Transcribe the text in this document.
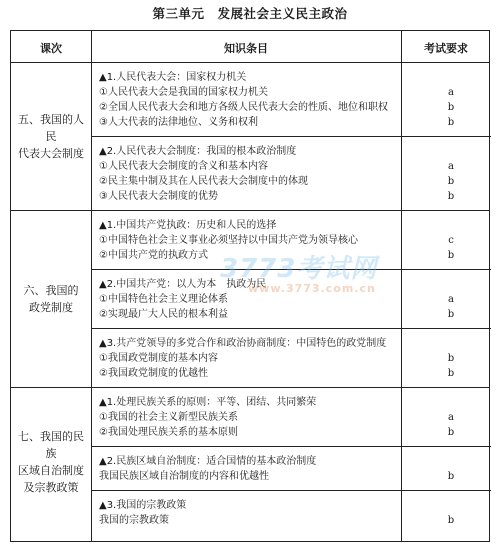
第三单元　发展社会主义民主政治
课次	知识条目	考试要求
五、我国的人民
代表大会制度
▲1.人民代表大会：国家权力机关
①人民代表大会是我国的国家权力机关	a
②全国人民代表大会和地方各级人民代表大会的性质、地位和职权	b
③人大代表的法律地位、义务和权利	b
▲2.人民代表大会制度：我国的根本政治制度
①人民代表大会制度的含义和基本内容	a
②民主集中制及其在人民代表大会制度中的体现	b
③人民代表大会制度的优势	b
六、我国的
政党制度
▲1.中国共产党执政：历史和人民的选择
①中国特色社会主义事业必须坚持以中国共产党为领导核心	c
②中国共产党的执政方式	b
▲2.中国共产党：以人为本　执政为民
①中国特色社会主义理论体系	a
②实现最广大人民的根本利益	b
▲3.共产党领导的多党合作和政治协商制度：中国特色的政党制度
①我国政党制度的基本内容	b
②我国政党制度的优越性	b
七、我国的民族
区域自治制度
及宗教政策
▲1.处理民族关系的原则：平等、团结、共同繁荣
①我国的社会主义新型民族关系	a
②我国处理民族关系的基本原则	b
▲2.民族区域自治制度：适合国情的基本政治制度
我国民族区域自治制度的内容和优越性	b
▲3.我国的宗教政策
我国的宗教政策	b
3773考试网
www.3773.com.cn
